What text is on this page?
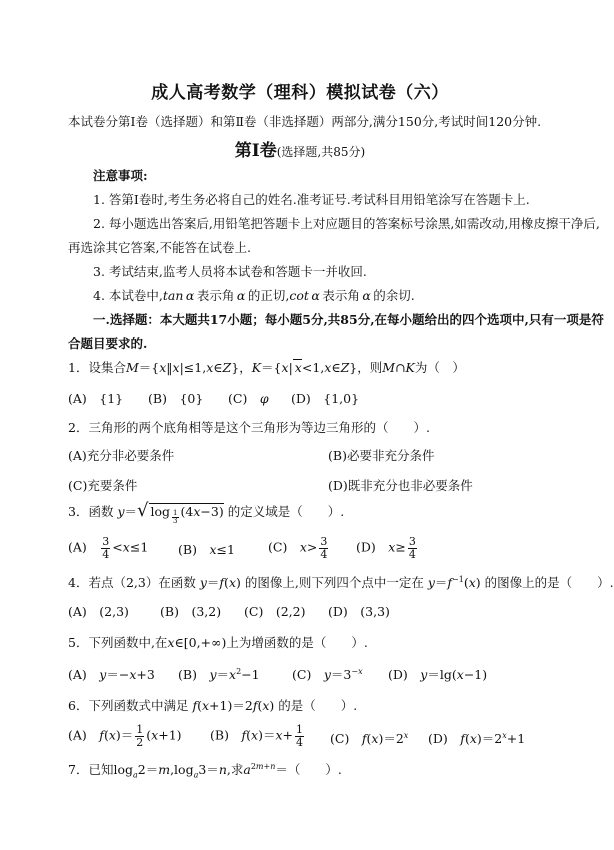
成人高考数学（理科）模拟试卷（六）
本试卷分第Ⅰ卷（选择题）和第Ⅱ卷（非选择题）两部分,满分150分,考试时间120分钟.
第Ⅰ卷(选择题,共85分)
注意事项:
1. 答第Ⅰ卷时,考生务必将自己的姓名.准考证号.考试科目用铅笔涂写在答题卡上.
2. 每小题选出答案后,用铅笔把答题卡上对应题目的答案标号涂黑,如需改动,用橡皮擦干净后,
再选涂其它答案,不能答在试卷上.
3. 考试结束,监考人员将本试卷和答题卡一并收回.
4. 本试卷中,tan  α  表示角  α  的正切,cot  α  表示角  α  的余切.
一.选择题：本大题共17小题；每小题5分,共85分,在每小题给出的四个选项中,只有一项是符
合题目要求的.
1．设集合M＝{x‖x|≤1,x∈Z}，K＝{x| x<1,x∈Z}，则M∩K为（　）
(A)　{1} (B)　{0} (C)　 φ (D)　{1,0}
2．三角形的两个底角相等是这个三角形为等边三角形的（　　）.
(A)充分非必要条件	(B)必要非充分条件
(C)充要条件	(D)既非充分也非必要条件
3．函数 y＝√ log $_{\frac{1}{3}}$ (4x−3) 的定义域是（　　）.
(A)　 $\frac{3}{4} <x\le 1$ (B)　 x≤1	(C)　 $x> \frac{3}{4} (D)$　 $x\ge \frac{3}{4}$
4．若点（2,3）在函数 y＝f(x) 的图像上,则下列四个点中一定在 $y=f^{-1}(x)$ 的图像上的是（　　）.
(A)　(2,3) (B)　(3,2) (C)　(2,2) (D)　(3,3)
5．下列函数中,在x∈[0,+∞)上为增函数的是（　　）.
(A)　 y＝−x+3 (B)　 $y=x^2-1$	(C)　 $y=3^{-x}$ (D)　 y＝lg(x−1)
6．下列函数式中满足 f(x+1)＝2f(x) 的是（　　）.
(A)　 $f(x)= \frac{1}{2} (x+1)$ (B)　 $f(x)=x+ \frac{1}{4} (C)$　 $f(x)=2^x$ (D)　 $f(x)=2^x+1$
7．已知$\log_a2=m,\log_a3=n$,求$a^{2m+n}=$（　　）.
